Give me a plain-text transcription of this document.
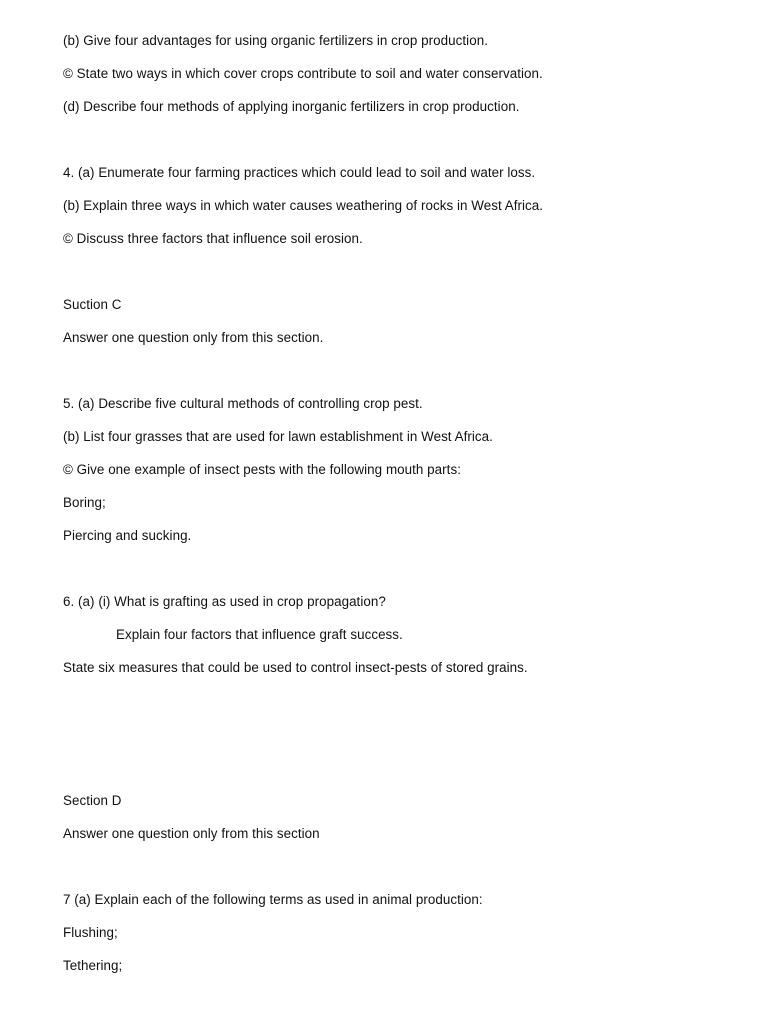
(b) Give four advantages for using organic fertilizers in crop production.
© State two ways in which cover crops contribute to soil and water conservation.
(d) Describe four methods of applying inorganic fertilizers in crop production.
4. (a) Enumerate four farming practices which could lead to soil and water loss.
(b) Explain three ways in which water causes weathering of rocks in West Africa.
© Discuss three factors that influence soil erosion.
Suction C
Answer one question only from this section.
5. (a) Describe five cultural methods of controlling crop pest.
(b) List four grasses that are used for lawn establishment in West Africa.
© Give one example of insect pests with the following mouth parts:
Boring;
Piercing and sucking.
6. (a) (i) What is grafting as used in crop propagation?
Explain four factors that influence graft success.
State six measures that could be used to control insect-pests of stored grains.
Section D
Answer one question only from this section
7 (a) Explain each of the following terms as used in animal production:
Flushing;
Tethering;
